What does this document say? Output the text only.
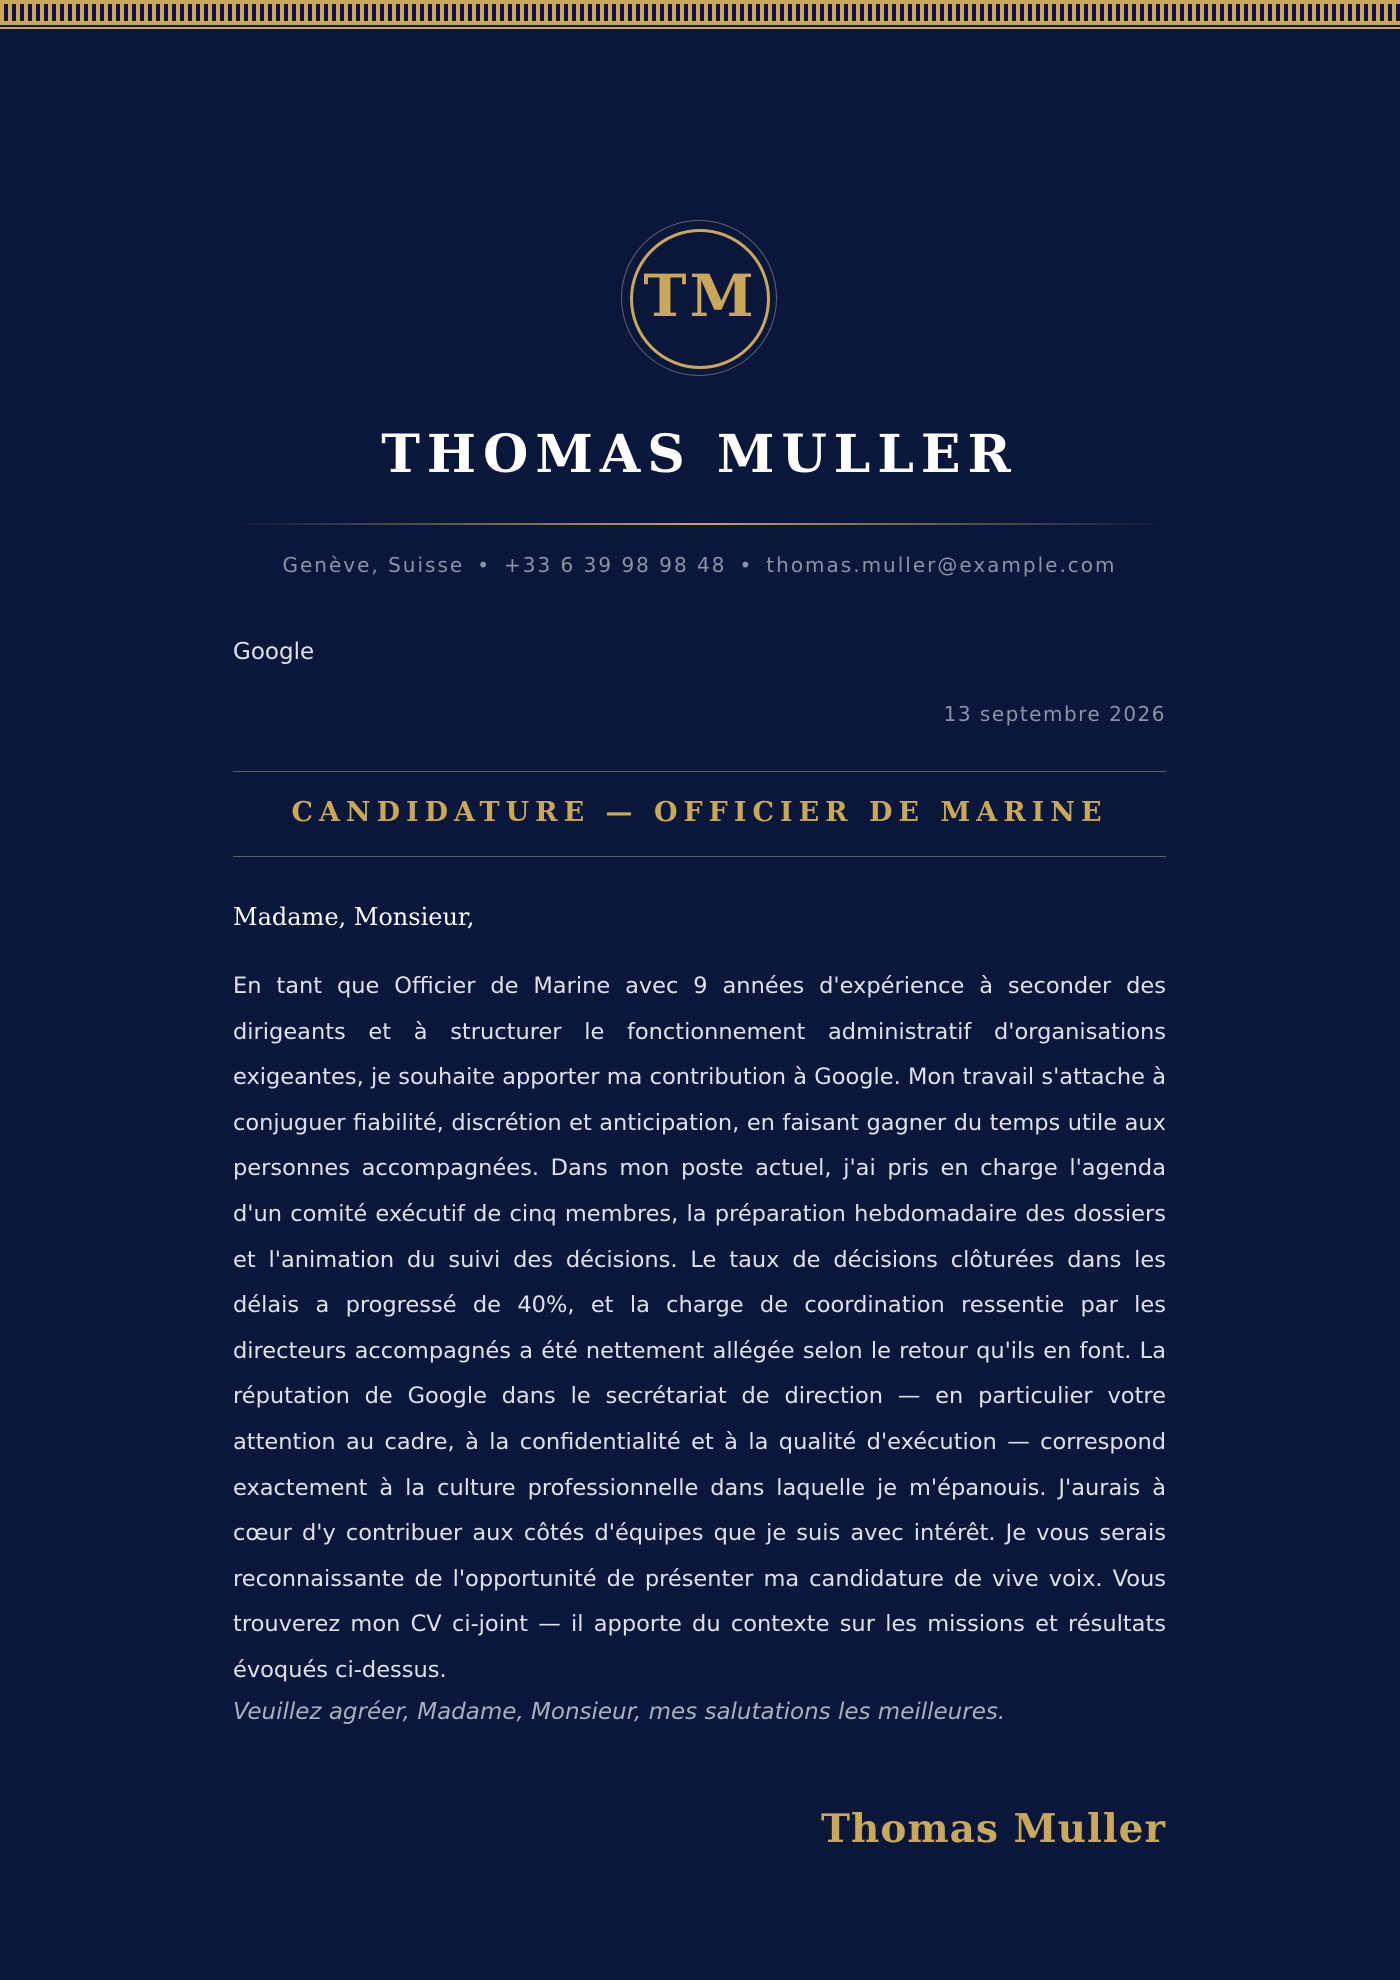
TM
THOMAS MULLER
Genève, Suisse • +33 6 39 98 98 48 • thomas.muller@example.com
Google
13 septembre 2026
CANDIDATURE — OFFICIER DE MARINE
Madame, Monsieur,

En tant que Officier de Marine avec 9 années d'expérience à seconder des dirigeants et à structurer le fonctionnement administratif d'organisations exigeantes, je souhaite apporter ma contribution à Google. Mon travail s'attache à conjuguer fiabilité, discrétion et anticipation, en faisant gagner du temps utile aux personnes accompagnées. Dans mon poste actuel, j'ai pris en charge l'agenda d'un comité exécutif de cinq membres, la préparation hebdomadaire des dossiers et l'animation du suivi des décisions. Le taux de décisions clôturées dans les délais a progressé de 40%, et la charge de coordination ressentie par les directeurs accompagnés a été nettement allégée selon le retour qu'ils en font. La réputation de Google dans le secrétariat de direction — en particulier votre attention au cadre, à la confidentialité et à la qualité d'exécution — correspond exactement à la culture professionnelle dans laquelle je m'épanouis. J'aurais à cœur d'y contribuer aux côtés d'équipes que je suis avec intérêt. Je vous serais reconnaissante de l'opportunité de présenter ma candidature de vive voix. Vous trouverez mon CV ci-joint — il apporte du contexte sur les missions et résultats évoqués ci-dessus.

Veuillez agréer, Madame, Monsieur, mes salutations les meilleures.
Thomas Muller
